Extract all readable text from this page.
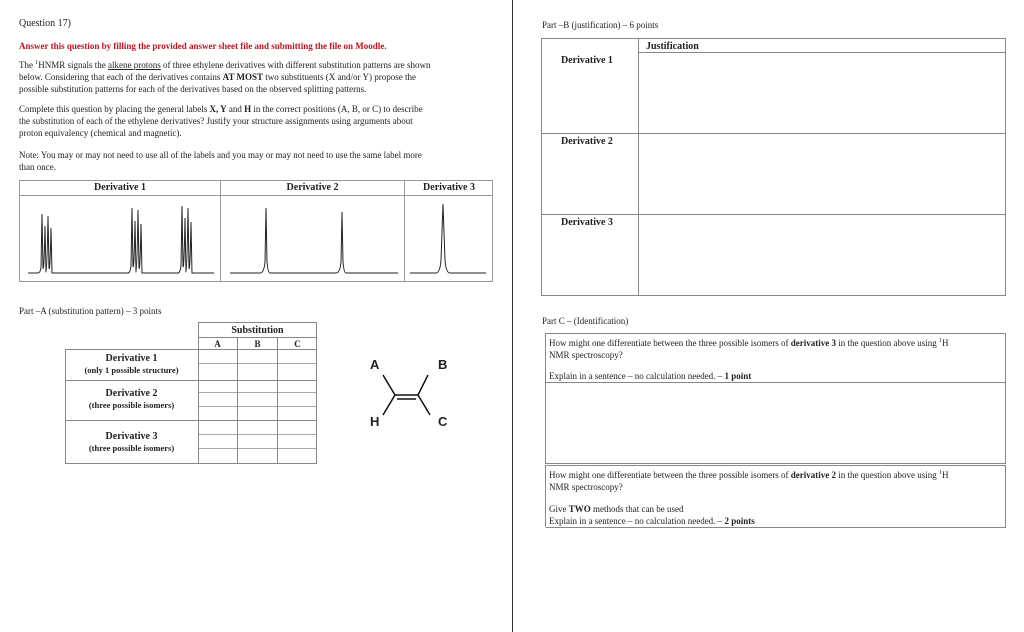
Question 17)
Answer this question by filling the provided answer sheet file and submitting the file on Moodle.
The $^1$HNMR signals the alkene protons of three ethylene derivatives with different substitution patterns are shown
below. Considering that each of the derivatives contains AT MOST two substituents (X and/or Y) propose the
possible substitution patterns for each of the derivatives based on the observed splitting patterns.
Complete this question by placing the general labels X, Y and H in the correct positions (A, B, or C) to describe
the substitution of each of the ethylene derivatives? Justify your structure assignments using arguments about
proton equivalency (chemical and magnetic).
Note: You may or may not need to use all of the labels and you may or may not need to use the same label more
than once.
Derivative 1	Derivative 2	Derivative 3
Part –A (substitution pattern) – 3 points
Substitution
A	B	C
Derivative 1
(only 1 possible structure)
Derivative 2
(three possible isomers)
Derivative 3
(three possible isomers)
A	B
H	C
Part –B (justification) – 6 points
Justification
Derivative 1
Derivative 2
Derivative 3
Part C – (Identification)
How might one differentiate between the three possible isomers of derivative 3 in the question above using $^1$H
NMR spectroscopy?
Explain in a sentence – no calculation needed. – 1 point
How might one differentiate between the three possible isomers of derivative 2 in the question above using $^1$H
NMR spectroscopy?
Give TWO methods that can be used
Explain in a sentence – no calculation needed. – 2 points
